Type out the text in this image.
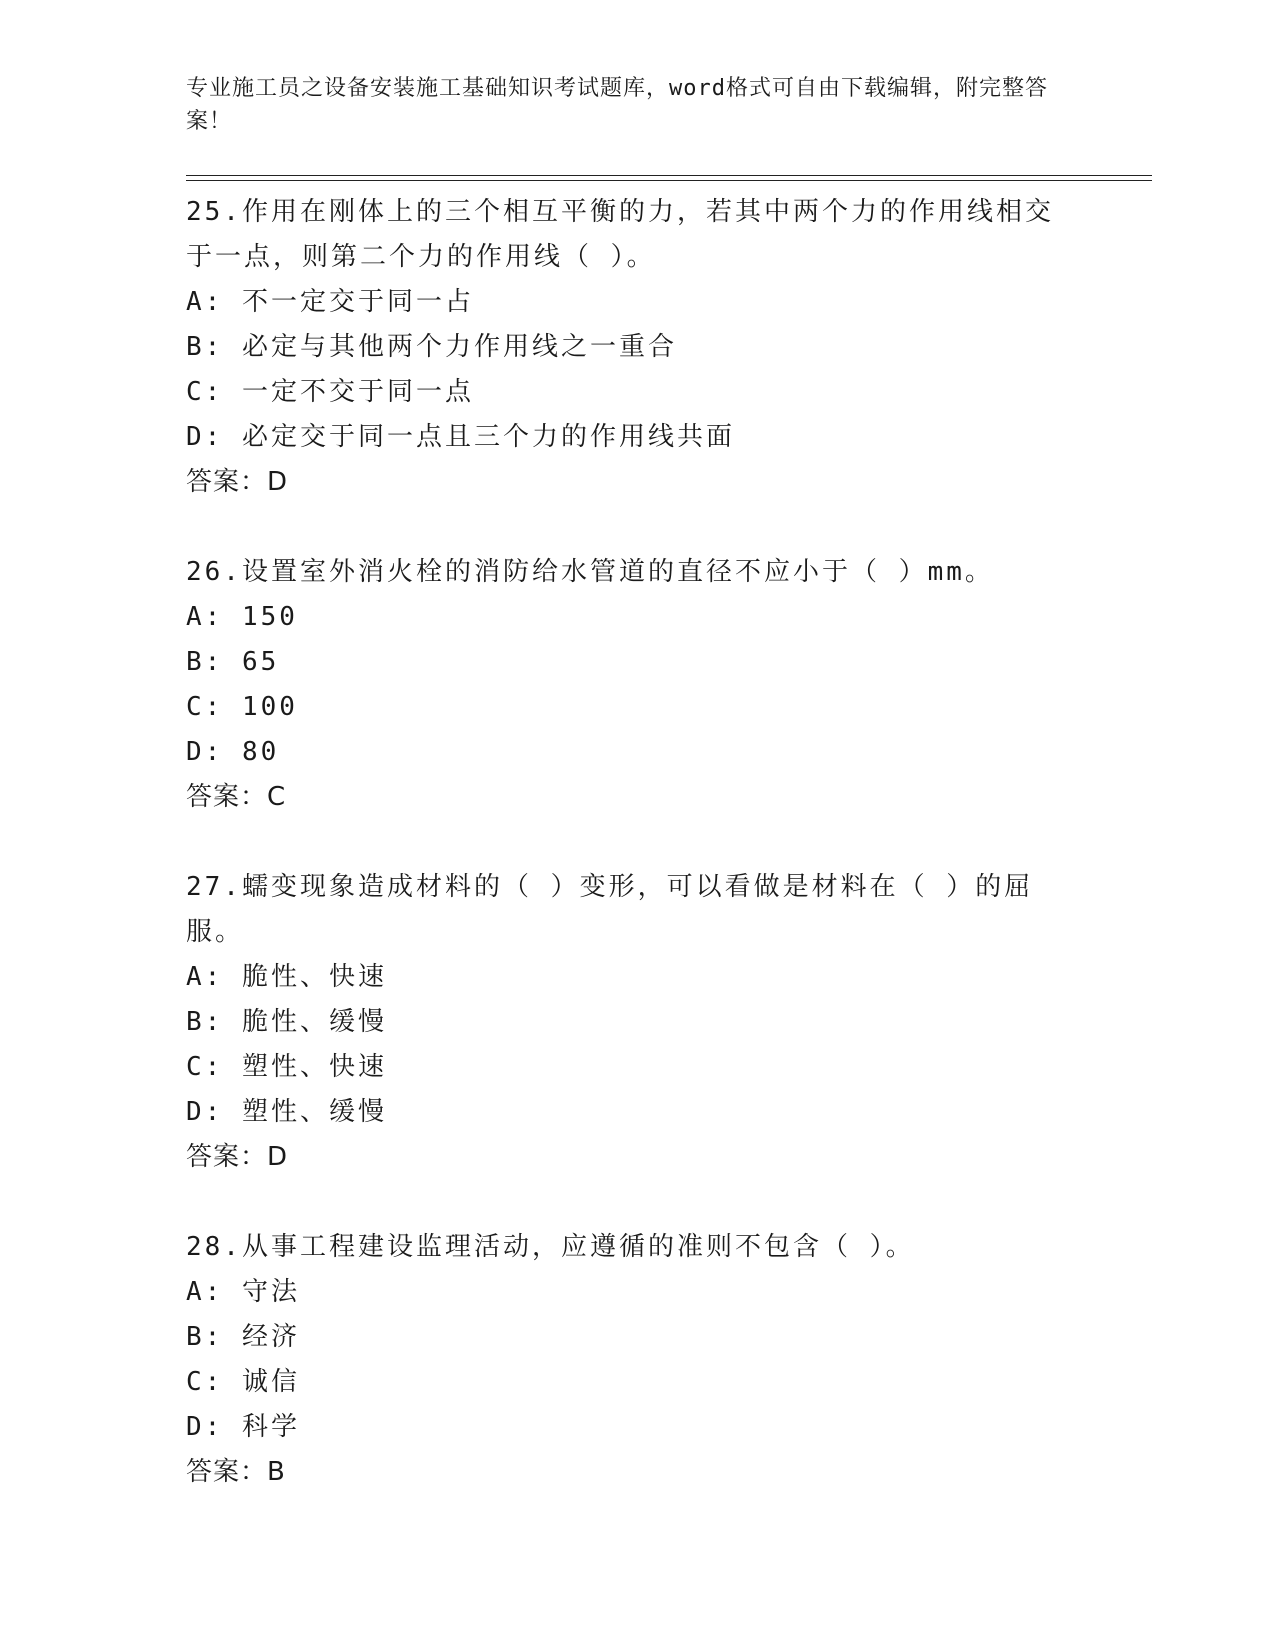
专业施工员之设备安装施工基础知识考试题库，word格式可自由下载编辑，附完整答案！

25.作用在刚体上的三个相互平衡的力，若其中两个力的作用线相交于一点，则第二个力的作用线（ ）。

A: 不一定交于同一占

B: 必定与其他两个力作用线之一重合

C: 一定不交于同一点

D: 必定交于同一点且三个力的作用线共面

答案：D

26.设置室外消火栓的消防给水管道的直径不应小于（ ）mm。

A: 150

B: 65

C: 100

D: 80

答案：C

27.蠕变现象造成材料的（ ）变形，可以看做是材料在（ ）的屈服。

A: 脆性、快速

B: 脆性、缓慢

C: 塑性、快速

D: 塑性、缓慢

答案：D

28.从事工程建设监理活动，应遵循的准则不包含（ ）。

A: 守法

B: 经济

C: 诚信

D: 科学

答案：B
